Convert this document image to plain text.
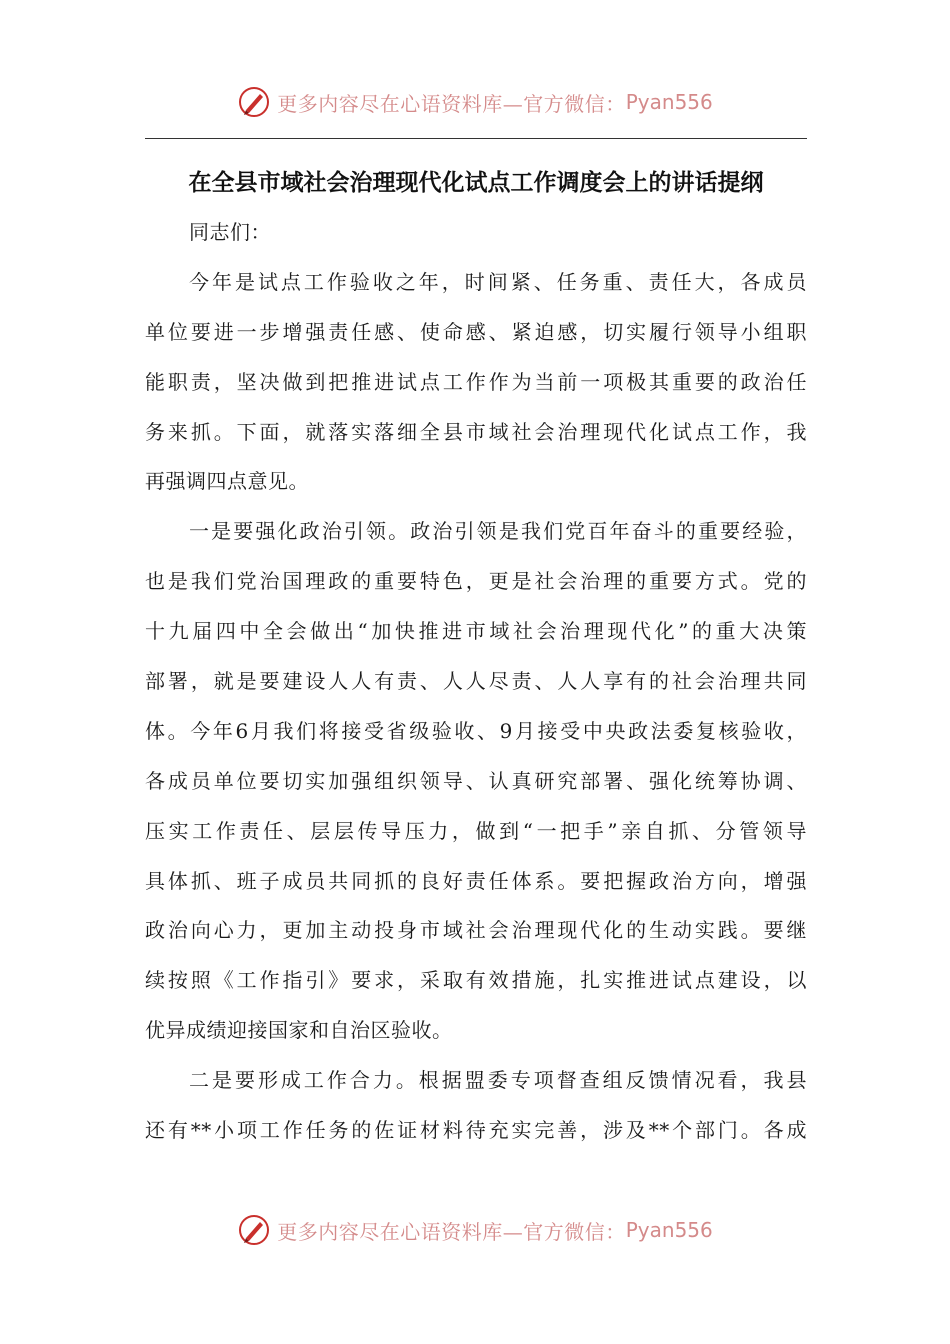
更多内容尽在心语资料库—官方微信： Pyan556
在全县市域社会治理现代化试点工作调度会上的讲话提纲
同志们：
今年是试点工作验收之年，时间紧、任务重、责任大，各成员
单位要进一步增强责任感、使命感、紧迫感，切实履行领导小组职
能职责，坚决做到把推进试点工作作为当前一项极其重要的政治任
务来抓。下面，就落实落细全县市域社会治理现代化试点工作，我
再强调四点意见。
一是要强化政治引领。政治引领是我们党百年奋斗的重要经验，
也是我们党治国理政的重要特色，更是社会治理的重要方式。党的
十九届四中全会做出“加快推进市域社会治理现代化”的重大决策
部署，就是要建设人人有责、人人尽责、人人享有的社会治理共同
体。今年6月我们将接受省级验收、9月接受中央政法委复核验收，
各成员单位要切实加强组织领导、认真研究部署、强化统筹协调、
压实工作责任、层层传导压力，做到“一把手”亲自抓、分管领导
具体抓、班子成员共同抓的良好责任体系。要把握政治方向，增强
政治向心力，更加主动投身市域社会治理现代化的生动实践。要继
续按照《工作指引》要求，采取有效措施，扎实推进试点建设，以
优异成绩迎接国家和自治区验收。
二是要形成工作合力。根据盟委专项督查组反馈情况看，我县
还有**小项工作任务的佐证材料待充实完善，涉及**个部门。各成
更多内容尽在心语资料库—官方微信： Pyan556
